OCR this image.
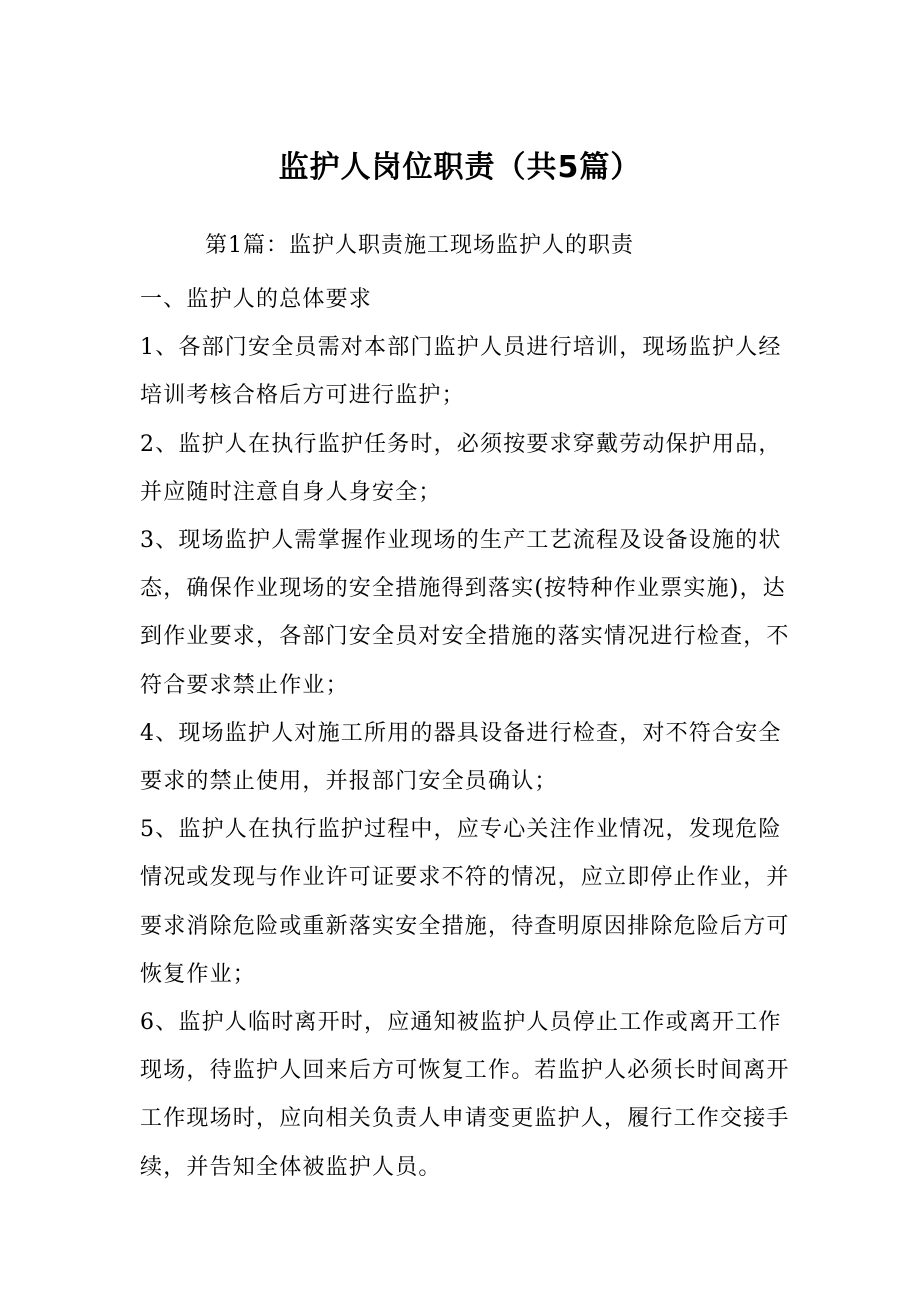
监护人岗位职责（共5篇）

第1篇：监护人职责施工现场监护人的职责

一、监护人的总体要求

1、各部门安全员需对本部门监护人员进行培训，现场监护人经培训考核合格后方可进行监护；

2、监护人在执行监护任务时，必须按要求穿戴劳动保护用品，并应随时注意自身人身安全；

3、现场监护人需掌握作业现场的生产工艺流程及设备设施的状态，确保作业现场的安全措施得到落实(按特种作业票实施)，达到作业要求，各部门安全员对安全措施的落实情况进行检查，不符合要求禁止作业；

4、现场监护人对施工所用的器具设备进行检查，对不符合安全要求的禁止使用，并报部门安全员确认；

5、监护人在执行监护过程中，应专心关注作业情况，发现危险情况或发现与作业许可证要求不符的情况，应立即停止作业，并要求消除危险或重新落实安全措施，待查明原因排除危险后方可恢复作业；

6、监护人临时离开时，应通知被监护人员停止工作或离开工作现场，待监护人回来后方可恢复工作。若监护人必须长时间离开工作现场时，应向相关负责人申请变更监护人，履行工作交接手续，并告知全体被监护人员。
